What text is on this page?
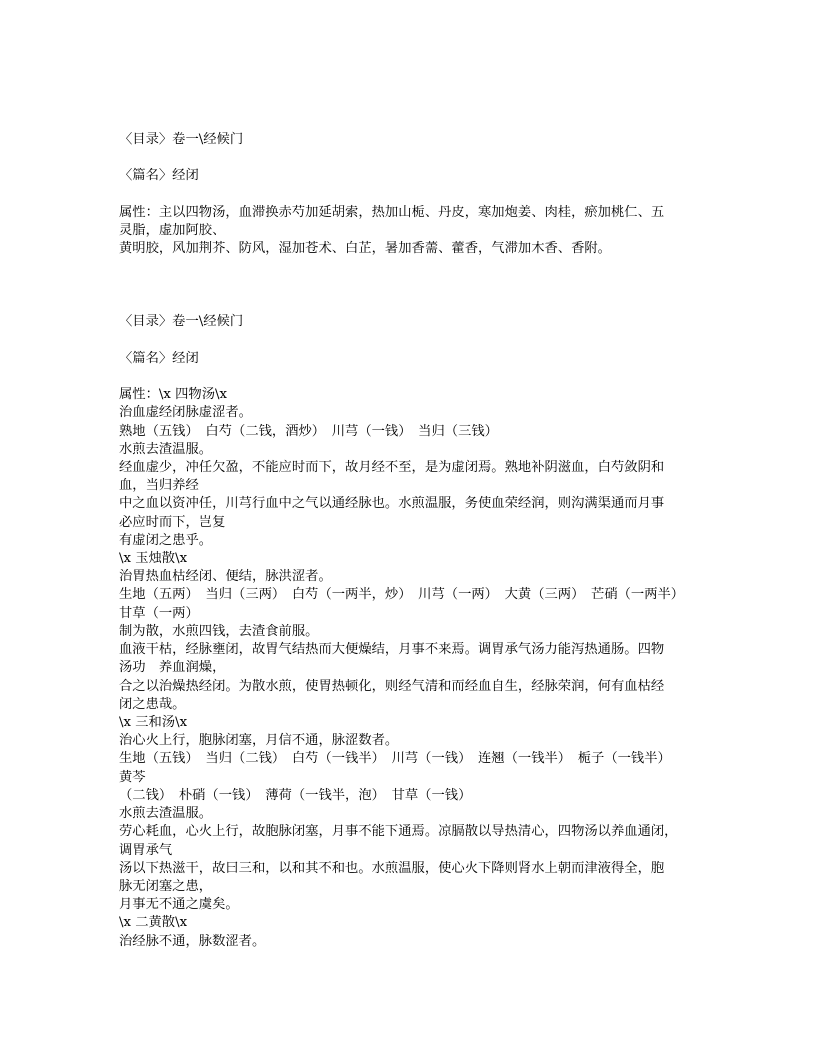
〈目录〉卷一\经候门
〈篇名〉经闭
属性：主以四物汤，血滞换赤芍加延胡索，热加山栀、丹皮，寒加炮姜、肉桂，瘀加桃仁、五
灵脂，虚加阿胶、
黄明胶，风加荆芥、防风，湿加苍术、白芷，暑加香薷、藿香，气滞加木香、香附。
〈目录〉卷一\经候门
〈篇名〉经闭
属性：\x 四物汤\x
治血虚经闭脉虚涩者。
熟地（五钱）　白芍（二钱，酒炒）　川芎（一钱）　当归（三钱）
水煎去渣温服。
经血虚少，冲任欠盈，不能应时而下，故月经不至，是为虚闭焉。熟地补阴滋血，白芍敛阴和
血，当归养经
中之血以资冲任，川芎行血中之气以通经脉也。水煎温服，务使血荣经润，则沟满渠通而月事
必应时而下，岂复
有虚闭之患乎。
\x 玉烛散\x
治胃热血枯经闭、便结，脉洪涩者。
生地（五两）　当归（三两）　白芍（一两半，炒）　川芎（一两）　大黄（三两）　芒硝（一两半）
甘草（一两）
制为散，水煎四钱，去渣食前服。
血液干枯，经脉壅闭，故胃气结热而大便燥结，月事不来焉。调胃承气汤力能泻热通肠。四物
汤功　养血润燥，
合之以治燥热经闭。为散水煎，使胃热顿化，则经气清和而经血自生，经脉荣润，何有血枯经
闭之患哉。
\x 三和汤\x
治心火上行，胞脉闭塞，月信不通，脉涩数者。
生地（五钱）　当归（二钱）　白芍（一钱半）　川芎（一钱）　连翘（一钱半）　栀子（一钱半）
黄芩
（二钱）　朴硝（一钱）　薄荷（一钱半，泡）　甘草（一钱）
水煎去渣温服。
劳心耗血，心火上行，故胞脉闭塞，月事不能下通焉。凉膈散以导热清心，四物汤以养血通闭，
调胃承气
汤以下热滋干，故曰三和，以和其不和也。水煎温服，使心火下降则肾水上朝而津液得全，胞
脉无闭塞之患，
月事无不通之虞矣。
\x 二黄散\x
治经脉不通，脉数涩者。
